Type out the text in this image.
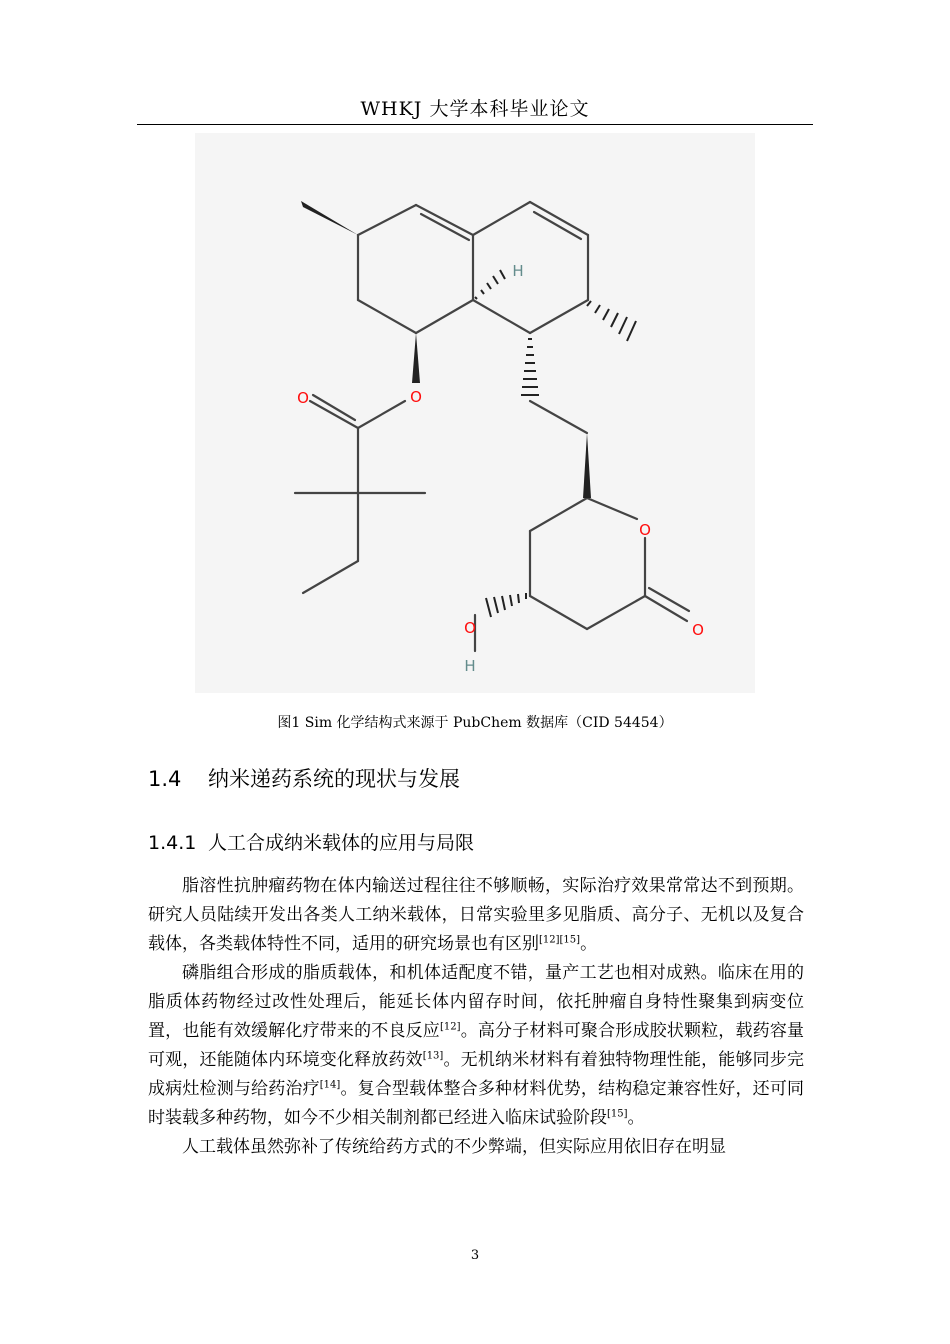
WHKJ 大学本科毕业论文
O
O
O
O
O
H
H
图1 Sim 化学结构式来源于 PubChem 数据库（CID 54454）
1.4 纳米递药系统的现状与发展
1.4.1 人工合成纳米载体的应用与局限

脂溶性抗肿瘤药物在体内输送过程往往不够顺畅，实际治疗效果常常达不到预期。研究人员陆续开发出各类人工纳米载体，日常实验里多见脂质、高分子、无机以及复合载体，各类载体特性不同，适用的研究场景也有区别[12][15]。

磷脂组合形成的脂质载体，和机体适配度不错，量产工艺也相对成熟。临床在用的脂质体药物经过改性处理后，能延长体内留存时间，依托肿瘤自身特性聚集到病变位置，也能有效缓解化疗带来的不良反应[12]。高分子材料可聚合形成胶状颗粒，载药容量可观，还能随体内环境变化释放药效[13]。无机纳米材料有着独特物理性能，能够同步完成病灶检测与给药治疗[14]。复合型载体整合多种材料优势，结构稳定兼容性好，还可同时装载多种药物，如今不少相关制剂都已经进入临床试验阶段[15]。

人工载体虽然弥补了传统给药方式的不少弊端，但实际应用依旧存在明显

3
